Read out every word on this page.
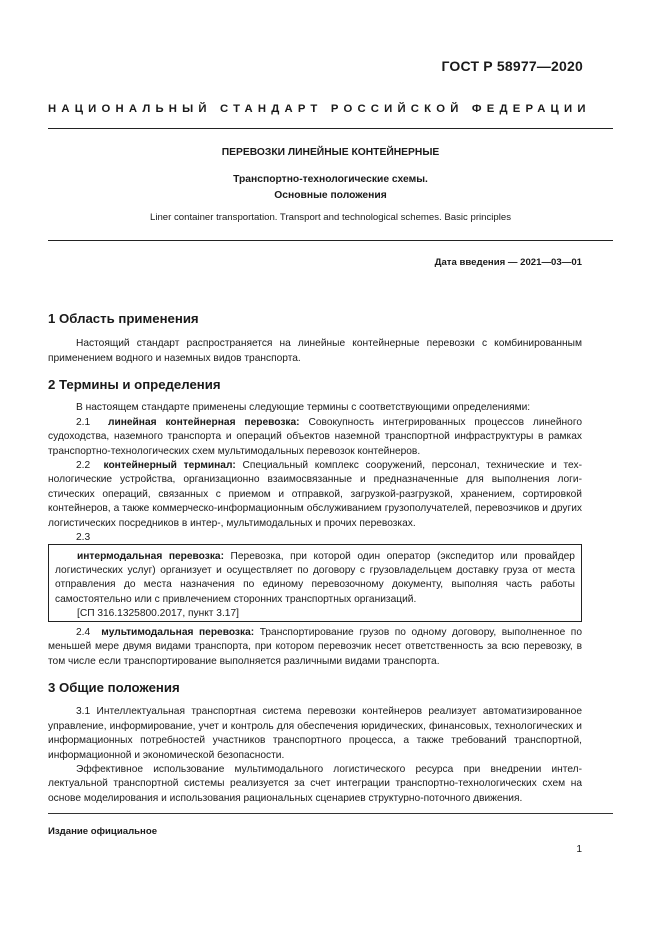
ГОСТ Р 58977—2020
НАЦИОНАЛЬНЫЙ СТАНДАРТ РОССИЙСКОЙ ФЕДЕРАЦИИ
ПЕРЕВОЗКИ ЛИНЕЙНЫЕ КОНТЕЙНЕРНЫЕ
Транспортно-технологические схемы.
Основные положения
Liner container transportation. Transport and technological schemes. Basic principles
Дата введения — 2021—03—01
1 Область применения

Настоящий стандарт распространяется на линейные контейнерные перевозки с комбинированным применением водного и наземных видов транспорта.

2 Термины и определения

В настоящем стандарте применены следующие термины с соответствующими определениями:

2.1 линейная контейнерная перевозка: Совокупность интегрированных процессов линейного судоходства, наземного транспорта и операций объектов наземной транспортной инфраструктуры в рамках транспортно-технологических схем мультимодальных перевозок контейнеров.

2.2 контейнерный терминал: Специальный комплекс сооружений, персонал, технические и технологические устройства, организационно взаимосвязанные и предназначенные для выполнения логистических операций, связанных с приемом и отправкой, загрузкой-разгрузкой, хранением, сортировкой контейнеров, а также коммерческо-информационным обслуживанием грузополучателей, перевозчиков и других логистических посредников в интер-, мультимодальных и прочих перевозках.

2.3

интермодальная перевозка: Перевозка, при которой один оператор (экспедитор или провайдер логистических услуг) организует и осуществляет по договору с грузовладельцем доставку груза от места отправления до места назначения по единому перевозочному документу, выполняя часть работы самостоятельно или с привлечением сторонних транспортных организаций.

[СП 316.1325800.2017, пункт 3.17]

2.4 мультимодальная перевозка: Транспортирование грузов по одному договору, выполненное по меньшей мере двумя видами транспорта, при котором перевозчик несет ответственность за всю перевозку, в том числе если транспортирование выполняется различными видами транспорта.

3 Общие положения

3.1 Интеллектуальная транспортная система перевозки контейнеров реализует автоматизированное управление, информирование, учет и контроль для обеспечения юридических, финансовых, технологических и информационных потребностей участников транспортного процесса, а также требований транспортной, информационной и экономической безопасности.

Эффективное использование мультимодального логистического ресурса при внедрении интеллектуальной транспортной системы реализуется за счет интеграции транспортно-технологических схем на основе моделирования и использования рациональных сценариев структурно-поточного движения.

Издание официальное
1
